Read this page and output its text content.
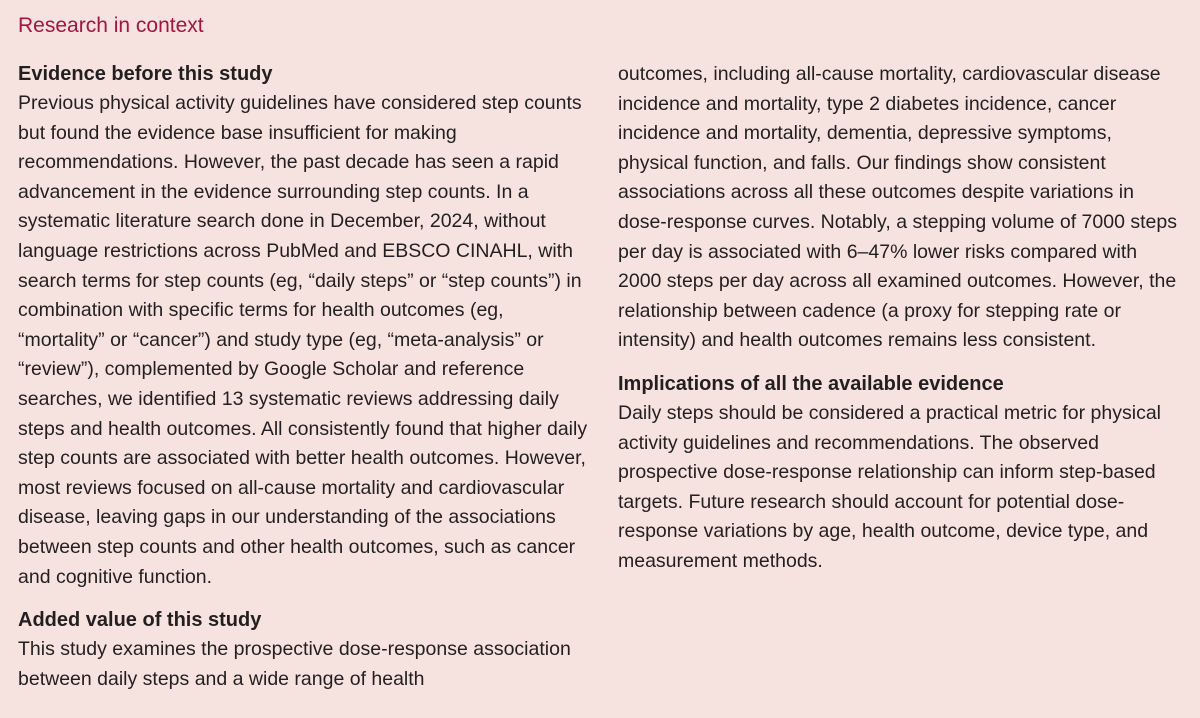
Research in context
Evidence before this study

Previous physical activity guidelines have considered step counts but found the evidence base insufficient for making recommendations. However, the past decade has seen a rapid advancement in the evidence surrounding step counts. In a systematic literature search done in December, 2024, without language restrictions across PubMed and EBSCO CINAHL, with search terms for step counts (eg, “daily steps” or “step counts”) in combination with specific terms for health outcomes (eg, “mortality” or “cancer”) and study type (eg, “meta-analysis” or “review”), complemented by Google Scholar and reference searches, we identified 13 systematic reviews addressing daily steps and health outcomes. All consistently found that higher daily step counts are associated with better health outcomes. However, most reviews focused on all-cause mortality and cardiovascular disease, leaving gaps in our understanding of the associations between step counts and other health outcomes, such as cancer and cognitive function.

Added value of this study

This study examines the prospective dose-response association between daily steps and a wide range of health

outcomes, including all-cause mortality, cardiovascular disease incidence and mortality, type 2 diabetes incidence, cancer incidence and mortality, dementia, depressive symptoms, physical function, and falls. Our findings show consistent associations across all these outcomes despite variations in dose-response curves. Notably, a stepping volume of 7000 steps per day is associated with 6–47% lower risks compared with 2000 steps per day across all examined outcomes. However, the relationship between cadence (a proxy for stepping rate or intensity) and health outcomes remains less consistent.

Implications of all the available evidence

Daily steps should be considered a practical metric for physical activity guidelines and recommendations. The observed prospective dose-response relationship can inform step-based targets. Future research should account for potential dose-response variations by age, health outcome, device type, and measurement methods.
